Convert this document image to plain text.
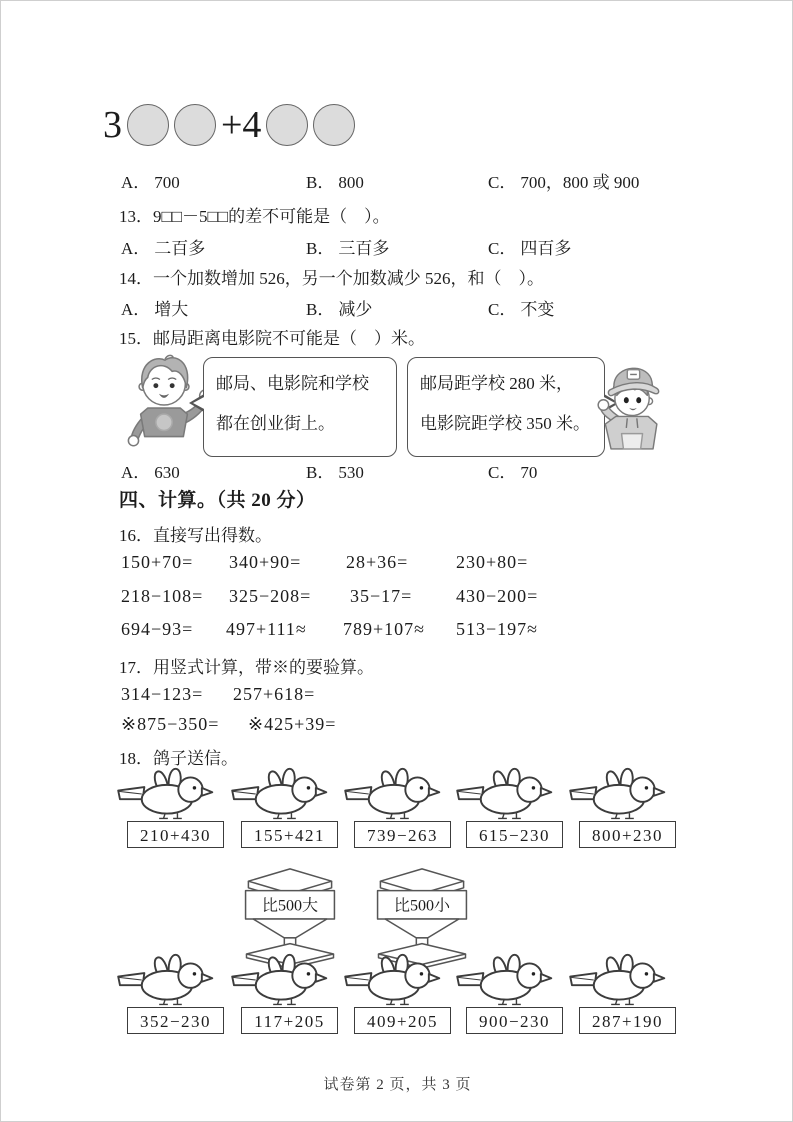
3	+4
A． 700	B． 800	C． 700，800 或 900
13．9□□－5□□的差不可能是（　）。
A． 二百多	B． 三百多	C． 四百多
14．一个加数增加 526，另一个加数减少 526，和（　）。
A． 增大	B． 减少	C． 不变
15．邮局距离电影院不可能是（　）米。
邮局、电影院和学校
都在创业街上。
邮局距学校 280 米，
电影院距学校 350 米。
A． 630	B． 530	C． 70
四、计算。（共 20 分）
16．直接写出得数。
150+70= 340+90= 28+36=	230+80=
218−108= 325−208= 35−17= 430−200=
694−93= 497+111≈ 789+107≈ 513−197≈
17．用竖式计算，带※的要验算。
314−123= 257+618=
※875−350= ※425+39=
18．鸽子送信。
210+430	155+421	739−263	615−230	800+230
比500大	比500小
352−230	117+205	409+205	900−230	287+190
试卷第 2 页，共 3 页
